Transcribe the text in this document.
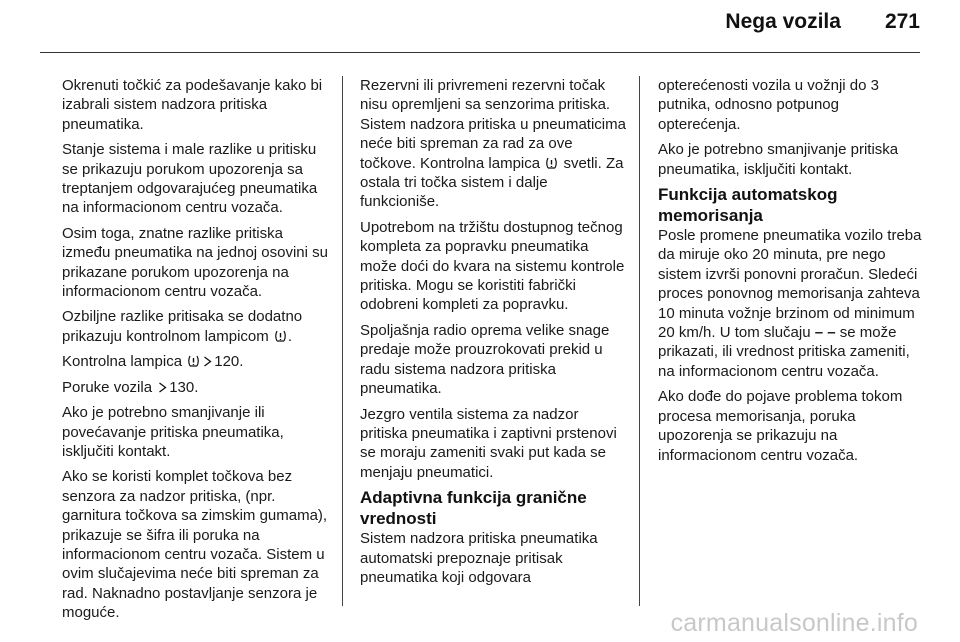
Nega vozila 271

Okrenuti točkić za podešavanje kako bi izabrali sistem nadzora pritiska pneumatika.

Stanje sistema i male razlike u pritisku se prikazuju porukom upozorenja sa treptanjem odgovarajućeg pneumatika na informacionom centru vozača.

Osim toga, znatne razlike pritiska između pneumatika na jednoj osovini su prikazane porukom upozorenja na informacionom centru vozača.

Ozbiljne razlike pritisaka se dodatno prikazuju kontrolnom lampicom .

Kontrolna lampica 120.

Poruke vozila 130.

Ako je potrebno smanjivanje ili povećavanje pritiska pneumatika, isključiti kontakt.

Ako se koristi komplet točkova bez senzora za nadzor pritiska, (npr. garnitura točkova sa zimskim gumama), prikazuje se šifra ili poruka na informacionom centru vozača. Sistem u ovim slučajevima neće biti spreman za rad. Naknadno postavljanje senzora je moguće.

Rezervni ili privremeni rezervni točak nisu opremljeni sa senzorima pritiska. Sistem nadzora pritiska u pneumaticima neće biti spreman za rad za ove točkove. Kontrolna lampica  svetli. Za ostala tri točka sistem i dalje funkcioniše.

Upotrebom na tržištu dostupnog tečnog kompleta za popravku pneumatika može doći do kvara na sistemu kontrole pritiska. Mogu se koristiti fabrički odobreni kompleti za popravku.

Spoljašnja radio oprema velike snage predaje može prouzrokovati prekid u radu sistema nadzora pritiska pneumatika.

Jezgro ventila sistema za nadzor pritiska pneumatika i zaptivni prstenovi se moraju zameniti svaki put kada se menjaju pneumatici.

Adaptivna funkcija granične vrednosti

Sistem nadzora pritiska pneumatika automatski prepoznaje pritisak pneumatika koji odgovara

opterećenosti vozila u vožnji do 3 putnika, odnosno potpunog opterećenja.

Ako je potrebno smanjivanje pritiska pneumatika, isključiti kontakt.

Funkcija automatskog memorisanja

Posle promene pneumatika vozilo treba da miruje oko 20 minuta, pre nego sistem izvrši ponovni proračun. Sledeći proces ponovnog memorisanja zahteva 10 minuta vožnje brzinom od minimum 20 km/h. U tom slučaju – – se može prikazati, ili vrednost pritiska zameniti, na informacionom centru vozača.

Ako dođe do pojave problema tokom procesa memorisanja, poruka upozorenja se prikazuju na informacionom centru vozača.

carmanualsonline.info
